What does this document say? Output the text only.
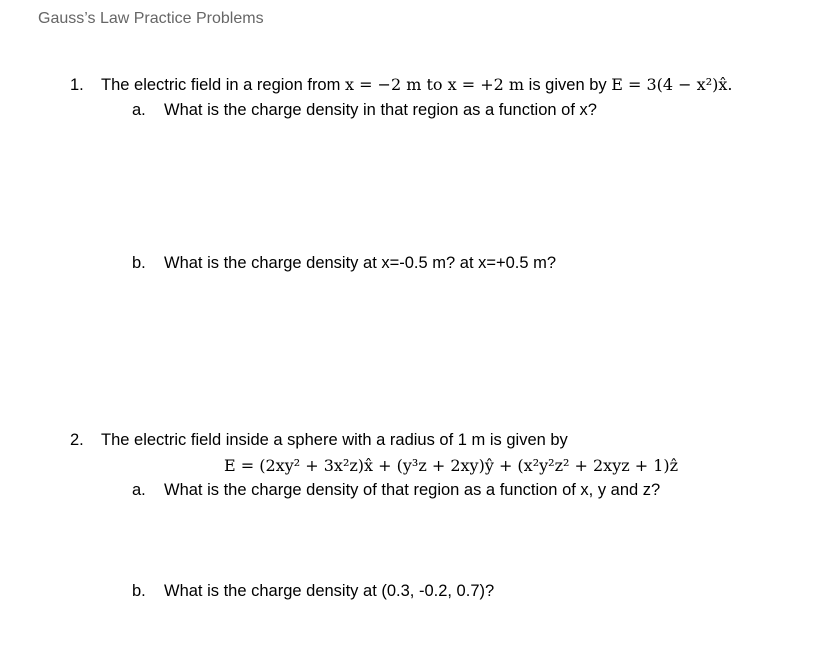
Gauss’s Law Practice Problems
1.	The electric field in a region from x = −2 m to x = +2 m is given by E = 3(4 − x²)x̂.
a. What is the charge density in that region as a function of x?
b. What is the charge density at x=-0.5 m? at x=+0.5 m?
2.	The electric field inside a sphere with a radius of 1 m is given by
E = (2xy² + 3x²z)x̂ + (y³z + 2xy)ŷ + (x²y²z² + 2xyz + 1)ẑ
a. What is the charge density of that region as a function of x, y and z?
b. What is the charge density at (0.3, -0.2, 0.7)?
